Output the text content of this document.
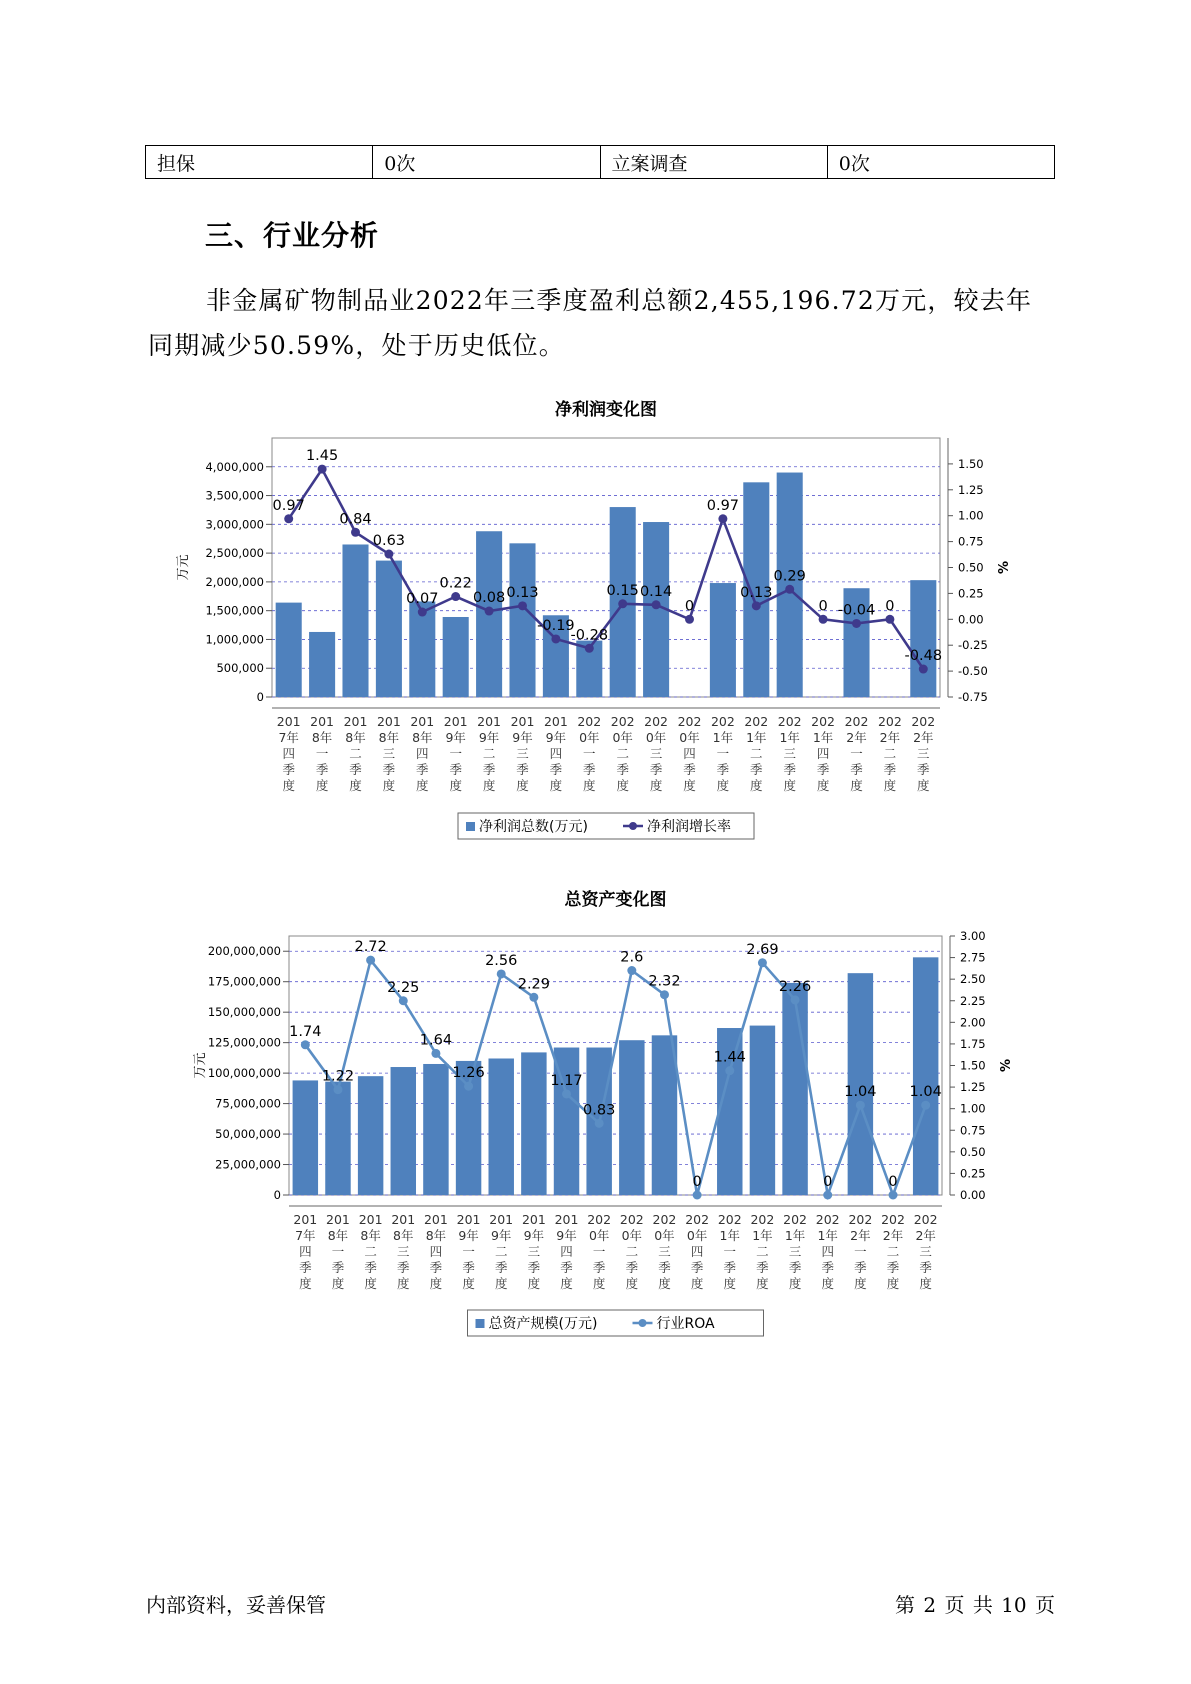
担保	0次	立案调查	0次
三、行业分析

非金属矿物制品业2022年三季度盈利总额2,455,196.72万元，较去年同期减少50.59%，处于历史低位。

净利润变化图
0
500,000
1,000,000
1,500,000
2,000,000
2,500,000
3,000,000
3,500,000
4,000,000
-0.75
-0.50
-0.25
0.00
0.25
0.50
0.75
1.00
1.25
1.50
万元	%
201
7年
四
季
度
201
8年
一
季
度
201
8年
二
季
度
201
8年
三
季
度
201
8年
四
季
度
201
9年
一
季
度
201
9年
二
季
度
201
9年
三
季
度
201
9年
四
季
度
202
0年
一
季
度
202
0年
二
季
度
202
0年
三
季
度
202
0年
四
季
度
202
1年
一
季
度
202
1年
二
季
度
202
1年
三
季
度
202
1年
四
季
度
202
2年
一
季
度
202
2年
二
季
度
202
2年
三
季
度
0.97
1.45
0.84
0.63
0.07
0.22
0.08 0.13
-0.19
-0.28
0.15 0.14
0
0.97
0.13
0.29
0 -0.04 0
-0.48
净利润总数(万元)	净利润增长率
总资产变化图
0
25,000,000
50,000,000
75,000,000
100,000,000
125,000,000
150,000,000
175,000,000
200,000,000
0.00
0.25
0.50
0.75
1.00
1.25
1.50
1.75
2.00
2.25
2.50
2.75
3.00
万元	%
201
7年
四
季
度
201
8年
一
季
度
201
8年
二
季
度
201
8年
三
季
度
201
8年
四
季
度
201
9年
一
季
度
201
9年
二
季
度
201
9年
三
季
度
201
9年
四
季
度
202
0年
一
季
度
202
0年
二
季
度
202
0年
三
季
度
202
0年
四
季
度
202
1年
一
季
度
202
1年
二
季
度
202
1年
三
季
度
202
1年
四
季
度
202
2年
一
季
度
202
2年
二
季
度
202
2年
三
季
度
1.74
1.22
2.72
2.25
1.64
1.26
2.56
2.29
1.17
0.83
2.6
2.32
0
1.44
2.69
2.26
0
1.04
0
1.04
总资产规模(万元)	行业ROA
内部资料，妥善保管	第 2 页 共 10 页
